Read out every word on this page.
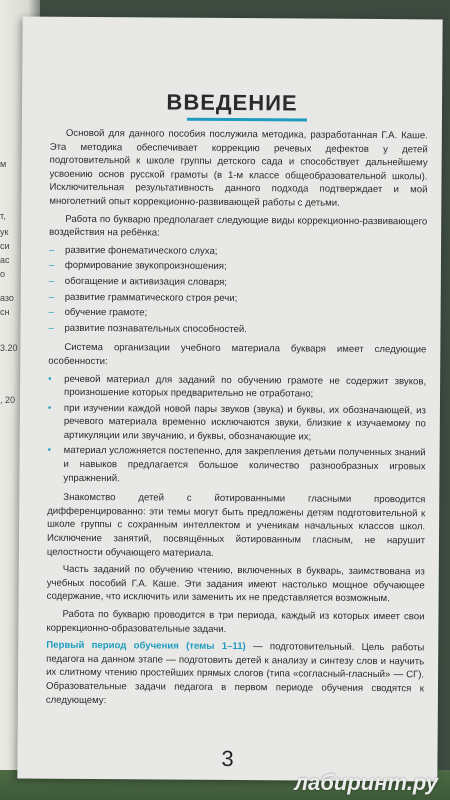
м
т,
ук
си
ас
о
азо
сн
3.20
, 20
ВВЕДЕНИЕ

Основой для данного пособия послужила методика, разработанная Г.А. Каше. Эта методика обеспечивает коррекцию речевых дефектов у детей подготовительной к школе группы детского сада и способствует дальнейшему усвоению основ русской грамоты (в 1-м классе общеобразовательной школы). Исключительная результативность данного подхода подтверждает и мой многолетний опыт коррекционно-развивающей работы с детьми.

Работа по букварю предполагает следующие виды коррекционно-развивающего воздействия на ребёнка:

–	развитие фонематического слуха;
–	формирование звукопроизношения;
–	обогащение и активизация словаря;
–	развитие грамматического строя речи;
–	обучение грамоте;
–	развитие познавательных способностей.

Система организации учебного материала букваря имеет следующие особенности:

•	речевой материал для заданий по обучению грамоте не содержит звуков, произношение которых предварительно не отработано;
•	при изучении каждой новой пары звуков (звука) и буквы, их обозначающей, из речевого материала временно исключаются звуки, близкие к изучаемому по артикуляции или звучанию, и буквы, обозначающие их;
•	материал усложняется постепенно, для закрепления детьми полученных знаний и навыков предлагается большое количество разнообразных игровых упражнений.

Знакомство детей с йотированными гласными проводится дифференцированно: эти темы могут быть предложены детям подготовительной к школе группы с сохранным интеллектом и ученикам начальных классов школ. Исключение занятий, посвящённых йотированным гласным, не нарушит целостности обучающего материала.

Часть заданий по обучению чтению, включенных в букварь, заимствована из учебных пособий Г.А. Каше. Эти задания имеют настолько мощное обучающее содержание, что исключить или заменить их не представляется возможным.

Работа по букварю проводится в три периода, каждый из которых имеет свои коррекционно-образовательные задачи.

Первый период обучения (темы 1–11) — подготовительный. Цель работы педагога на данном этапе — подготовить детей к анализу и синтезу слов и научить их слитному чтению простейших прямых слогов (типа «согласный-гласный» — СГ). Образовательные задачи педагога в первом периоде обучения сводятся к следующему:

3
лабиринт.ру
